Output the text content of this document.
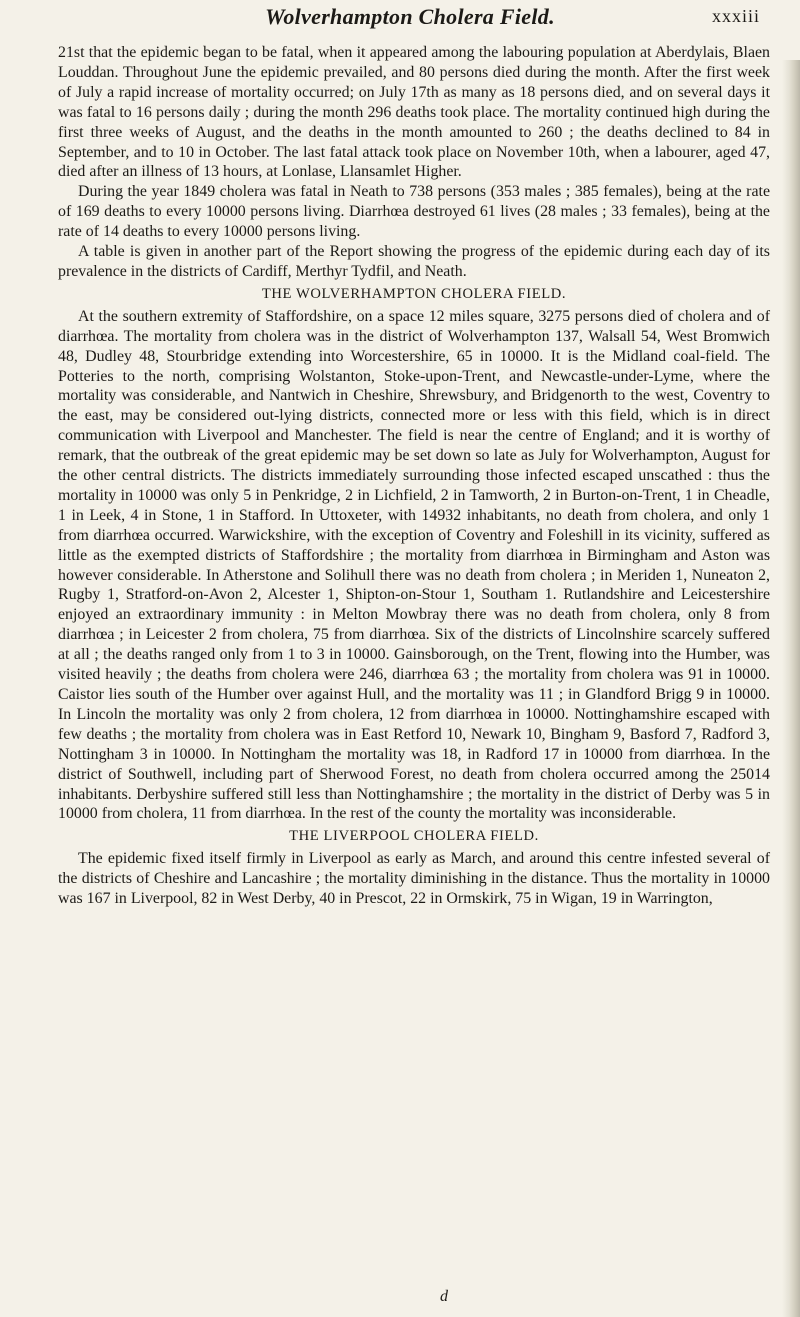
Wolverhampton Cholera Field.	xxxiii

21st that the epidemic began to be fatal, when it appeared among the labouring population at Aberdylais, Blaen Louddan. Throughout June the epidemic prevailed, and 80 persons died during the month. After the first week of July a rapid increase of mortality occurred; on July 17th as many as 18 persons died, and on several days it was fatal to 16 persons daily ; during the month 296 deaths took place. The mortality continued high during the first three weeks of August, and the deaths in the month amounted to 260 ; the deaths declined to 84 in September, and to 10 in October. The last fatal attack took place on November 10th, when a labourer, aged 47, died after an illness of 13 hours, at Lonlase, Llansamlet Higher.

During the year 1849 cholera was fatal in Neath to 738 persons (353 males ; 385 females), being at the rate of 169 deaths to every 10000 persons living. Diarrhœa destroyed 61 lives (28 males ; 33 females), being at the rate of 14 deaths to every 10000 persons living.

A table is given in another part of the Report showing the progress of the epidemic during each day of its prevalence in the districts of Cardiff, Merthyr Tydfil, and Neath.

THE WOLVERHAMPTON CHOLERA FIELD.

At the southern extremity of Staffordshire, on a space 12 miles square, 3275 persons died of cholera and of diarrhœa. The mortality from cholera was in the district of Wolverhampton 137, Walsall 54, West Bromwich 48, Dudley 48, Stourbridge extending into Worcestershire, 65 in 10000. It is the Midland coal-field. The Potteries to the north, comprising Wolstanton, Stoke-upon-Trent, and Newcastle-under-Lyme, where the mortality was considerable, and Nantwich in Cheshire, Shrewsbury, and Bridgenorth to the west, Coventry to the east, may be considered out-lying districts, connected more or less with this field, which is in direct communication with Liverpool and Manchester. The field is near the centre of England; and it is worthy of remark, that the outbreak of the great epidemic may be set down so late as July for Wolverhampton, August for the other central districts. The districts immediately surrounding those infected escaped unscathed : thus the mortality in 10000 was only 5 in Penkridge, 2 in Lichfield, 2 in Tamworth, 2 in Burton-on-Trent, 1 in Cheadle, 1 in Leek, 4 in Stone, 1 in Stafford. In Uttoxeter, with 14932 inhabitants, no death from cholera, and only 1 from diarrhœa occurred. Warwickshire, with the exception of Coventry and Foleshill in its vicinity, suffered as little as the exempted districts of Staffordshire ; the mortality from diarrhœa in Birmingham and Aston was however considerable. In Atherstone and Solihull there was no death from cholera ; in Meriden 1, Nuneaton 2, Rugby 1, Stratford-on-Avon 2, Alcester 1, Shipton-on-Stour 1, Southam 1. Rutlandshire and Leicestershire enjoyed an extraordinary immunity : in Melton Mowbray there was no death from cholera, only 8 from diarrhœa ; in Leicester 2 from cholera, 75 from diarrhœa. Six of the districts of Lincolnshire scarcely suffered at all ; the deaths ranged only from 1 to 3 in 10000. Gainsborough, on the Trent, flowing into the Humber, was visited heavily ; the deaths from cholera were 246, diarrhœa 63 ; the mortality from cholera was 91 in 10000. Caistor lies south of the Humber over against Hull, and the mortality was 11 ; in Glandford Brigg 9 in 10000. In Lincoln the mortality was only 2 from cholera, 12 from diarrhœa in 10000. Nottinghamshire escaped with few deaths ; the mortality from cholera was in East Retford 10, Newark 10, Bingham 9, Basford 7, Radford 3, Nottingham 3 in 10000. In Nottingham the mortality was 18, in Radford 17 in 10000 from diarrhœa. In the district of Southwell, including part of Sherwood Forest, no death from cholera occurred among the 25014 inhabitants. Derbyshire suffered still less than Nottinghamshire ; the mortality in the district of Derby was 5 in 10000 from cholera, 11 from diarrhœa. In the rest of the county the mortality was inconsiderable.

THE LIVERPOOL CHOLERA FIELD.

The epidemic fixed itself firmly in Liverpool as early as March, and around this centre infested several of the districts of Cheshire and Lancashire ; the mortality diminishing in the distance. Thus the mortality in 10000 was 167 in Liverpool, 82 in West Derby, 40 in Prescot, 22 in Ormskirk, 75 in Wigan, 19 in Warrington,

d
